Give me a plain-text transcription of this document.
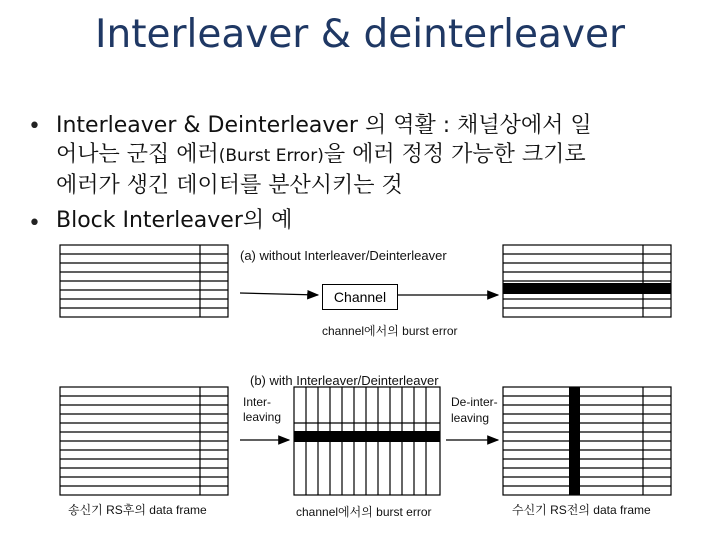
Interleaver & deinterleaver
• Interleaver & Deinterleaver 의 역활 : 채널상에서 일
어나는 군집 에러(Burst Error)을 에러 정정 가능한 크기로
에러가 생긴 데이터를 분산시키는 것
• Block Interleaver의 예
(a) without Interleaver/Deinterleaver
Channel
channel에서의 burst error
(b) with Interleaver/Deinterleaver
Inter-
leaving
De-inter-
leaving
송신기 RS후의 data frame	channel에서의 burst error	수신기 RS전의 data frame
